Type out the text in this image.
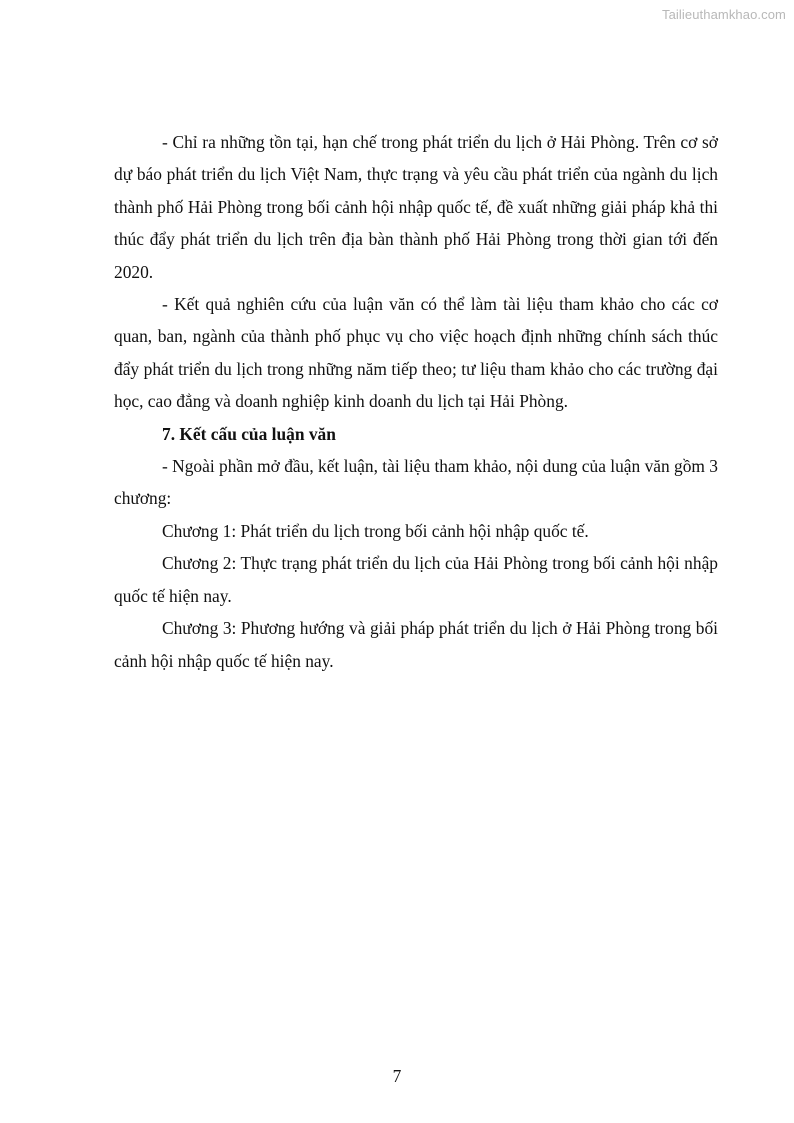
Tailieuthamkhao.com

- Chỉ ra những tồn tại, hạn chế trong phát triển du lịch ở Hải Phòng. Trên cơ sở dự báo phát triển du lịch Việt Nam, thực trạng và yêu cầu phát triển của ngành du lịch thành phố Hải Phòng trong bối cảnh hội nhập quốc tế, đề xuất những giải pháp khả thi thúc đẩy phát triển du lịch trên địa bàn thành phố Hải Phòng trong thời gian tới đến 2020.

- Kết quả nghiên cứu của luận văn có thể làm tài liệu tham khảo cho các cơ quan, ban, ngành của thành phố phục vụ cho việc hoạch định những chính sách thúc đẩy phát triển du lịch trong những năm tiếp theo; tư liệu tham khảo cho các trường đại học, cao đẳng và doanh nghiệp kinh doanh du lịch tại Hải Phòng.

7. Kết cấu của luận văn

- Ngoài phần mở đầu, kết luận, tài liệu tham khảo, nội dung của luận văn gồm 3 chương:

Chương 1: Phát triển du lịch trong bối cảnh hội nhập quốc tế.

Chương 2: Thực trạng phát triển du lịch của Hải Phòng trong bối cảnh hội nhập quốc tế hiện nay.

Chương 3: Phương hướng và giải pháp phát triển du lịch ở Hải Phòng trong bối cảnh hội nhập quốc tế hiện nay.

7
